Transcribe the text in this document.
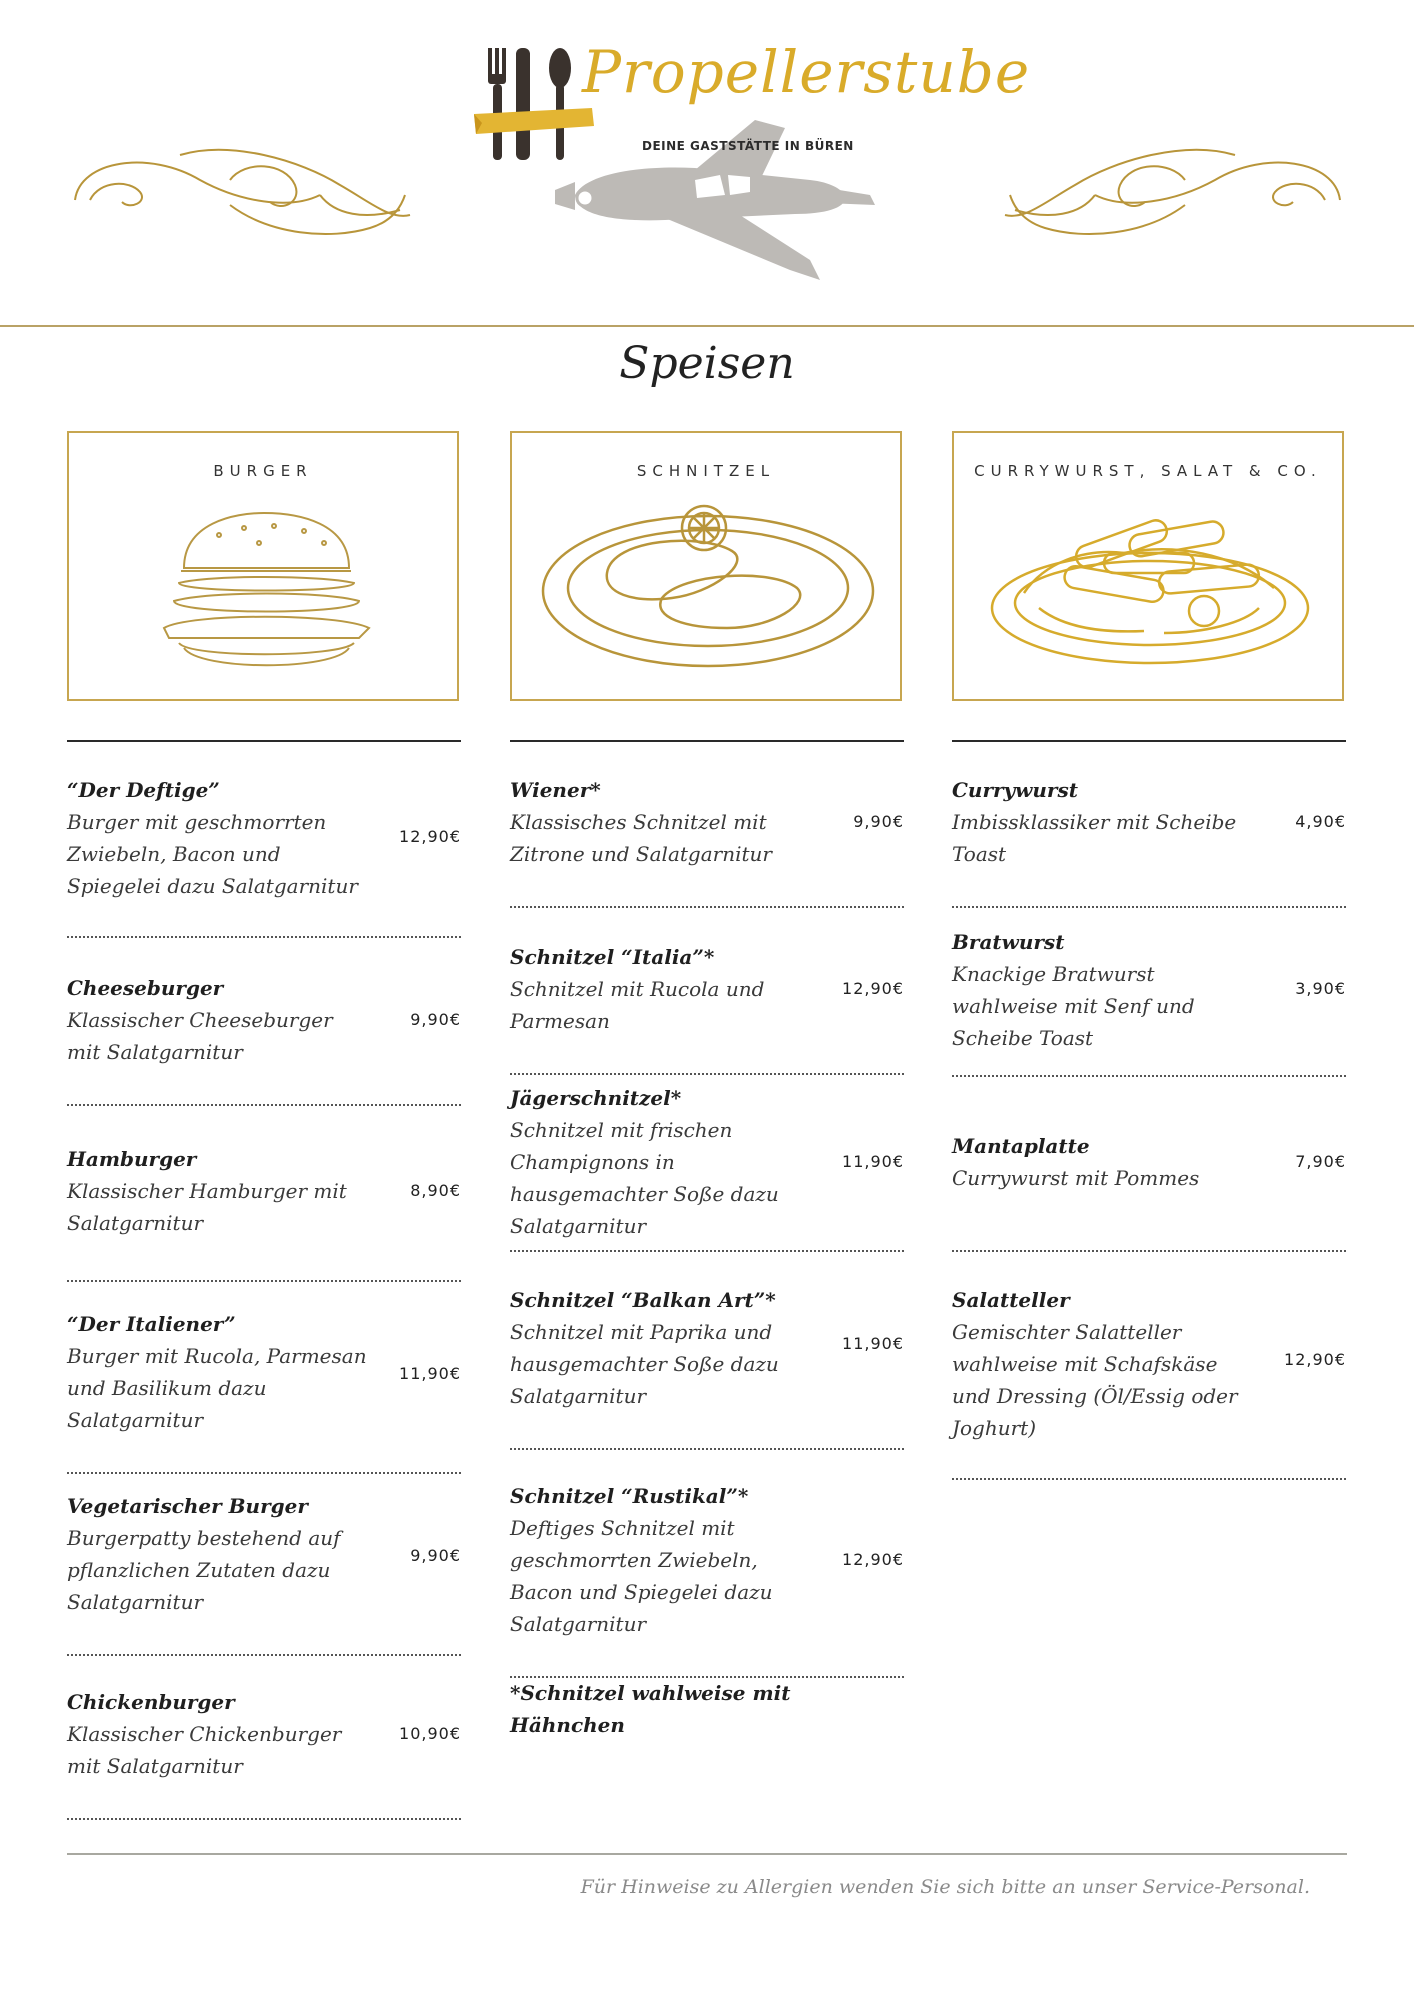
Propellerstube
DEINE GASTSTÄTTE IN BÜREN
Speisen
BURGER	SCHNITZEL	CURRYWURST, SALAT & CO.
“Der Deftige”
Burger mit geschmorrten Zwiebeln, Bacon und Spiegelei dazu Salatgarnitur
12,90€
Cheeseburger
Klassischer Cheeseburger mit Salatgarnitur
9,90€
Hamburger
Klassischer Hamburger mit Salatgarnitur
8,90€
“Der Italiener”
Burger mit Rucola, Parmesan und Basilikum dazu Salatgarnitur
11,90€
Vegetarischer Burger
Burgerpatty bestehend auf pflanzlichen Zutaten dazu Salatgarnitur
9,90€
Chickenburger
Klassischer Chickenburger mit Salatgarnitur
10,90€
Wiener*
Klassisches Schnitzel mit Zitrone und Salatgarnitur
9,90€
Schnitzel “Italia”*
Schnitzel mit Rucola und Parmesan
12,90€
Jägerschnitzel*
Schnitzel mit frischen Champignons in hausgemachter Soße dazu Salatgarnitur
11,90€
Schnitzel “Balkan Art”*
Schnitzel mit Paprika und hausgemachter Soße dazu Salatgarnitur
11,90€
Schnitzel “Rustikal”*
Deftiges Schnitzel mit geschmorrten Zwiebeln, Bacon und Spiegelei dazu Salatgarnitur
12,90€
*Schnitzel wahlweise mit Hähnchen
Currywurst
Imbissklassiker mit Scheibe Toast
4,90€
Bratwurst
Knackige Bratwurst wahlweise mit Senf und Scheibe Toast
3,90€
Mantaplatte
Currywurst mit Pommes
7,90€
Salatteller
Gemischter Salatteller wahlweise mit Schafskäse und Dressing (Öl/Essig oder Joghurt)
12,90€
Für Hinweise zu Allergien wenden Sie sich bitte an unser Service-Personal.
